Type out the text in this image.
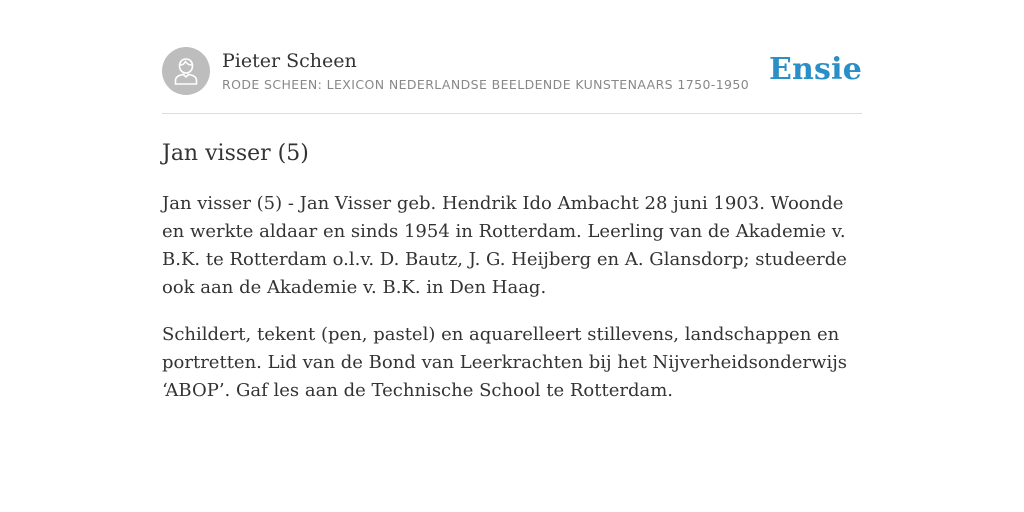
Pieter Scheen
RODE SCHEEN: LEXICON NEDERLANDSE BEELDENDE KUNSTENAARS 1750-1950 Ensie
Jan visser (5)

Jan visser (5) - Jan Visser geb. Hendrik Ido Ambacht 28 juni 1903. Woonde en werkte aldaar en sinds 1954 in Rotterdam. Leerling van de Akademie v. B.K. te Rotterdam o.l.v. D. Bautz, J. G. Heijberg en A. Glansdorp; studeerde ook aan de Akademie v. B.K. in Den Haag.

Schildert, tekent (pen, pastel) en aquarelleert stillevens, landschappen en portretten. Lid van de Bond van Leerkrachten bij het Nijverheidsonderwijs ‘ABOP’. Gaf les aan de Technische School te Rotterdam.
